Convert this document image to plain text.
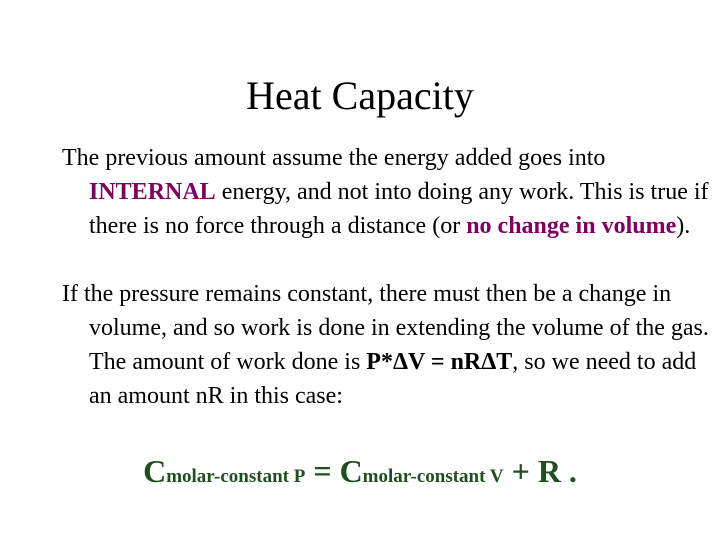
Heat Capacity
The previous amount assume the energy added goes into INTERNAL energy, and not into doing any work. This is true if there is no force through a distance (or no change in volume).
If the pressure remains constant, there must then be a change in volume, and so work is done in extending the volume of the gas. The amount of work done is P*ΔV = nRΔT, so we need to add an amount nR in this case:
Cmolar-constant P = Cmolar-constant V + R .
